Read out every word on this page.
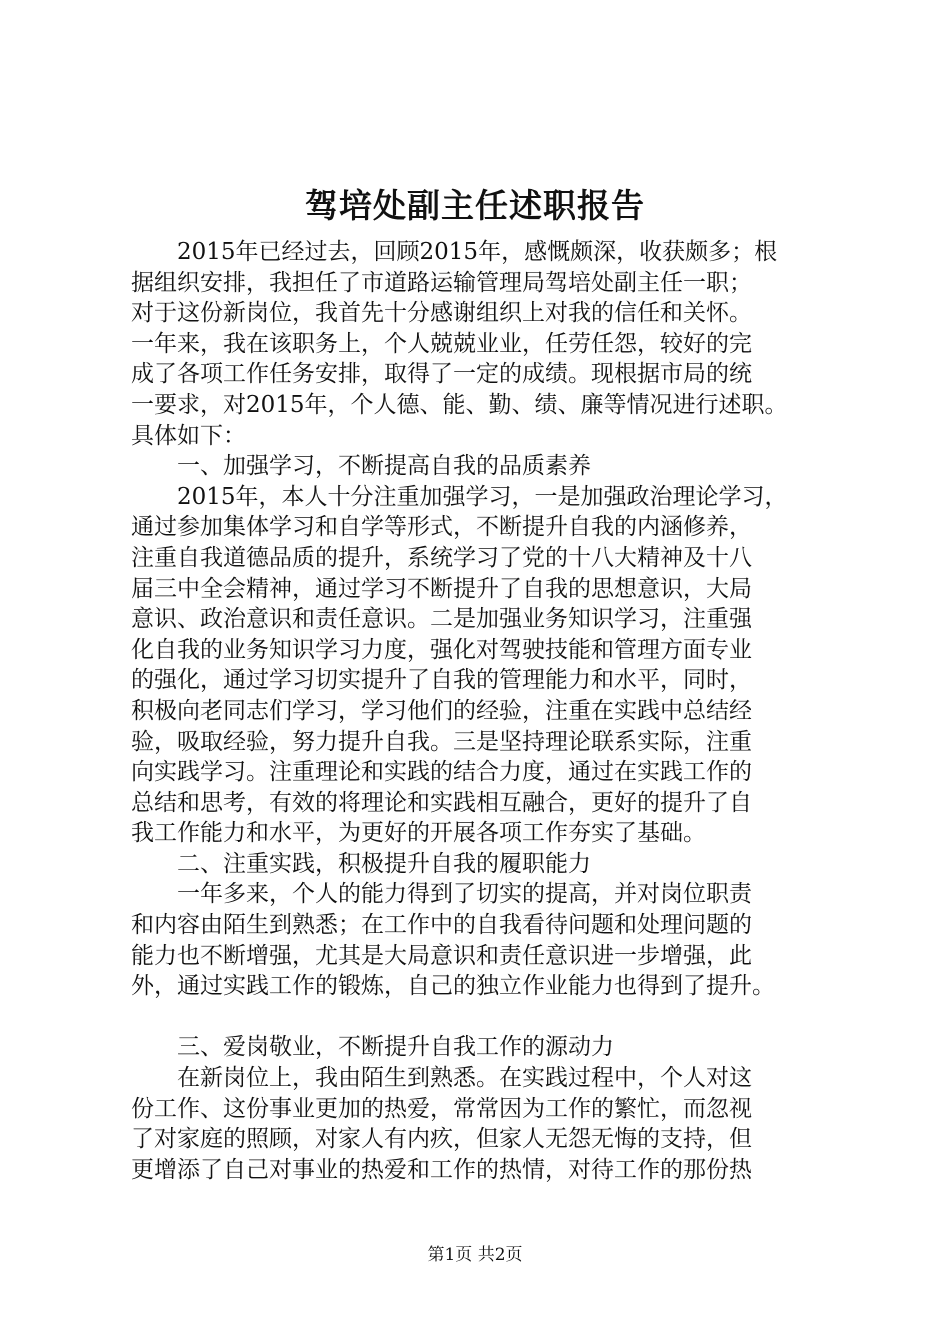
驾培处副主任述职报告
2015年已经过去，回顾2015年，感慨颇深，收获颇多；根
据组织安排，我担任了市道路运输管理局驾培处副主任一职；
对于这份新岗位，我首先十分感谢组织上对我的信任和关怀。
一年来，我在该职务上，个人兢兢业业，任劳任怨，较好的完
成了各项工作任务安排，取得了一定的成绩。现根据市局的统
一要求，对2015年，个人德、能、勤、绩、廉等情况进行述职。
具体如下：
一、加强学习，不断提高自我的品质素养
2015年，本人十分注重加强学习，一是加强政治理论学习，
通过参加集体学习和自学等形式，不断提升自我的内涵修养，
注重自我道德品质的提升，系统学习了党的十八大精神及十八
届三中全会精神，通过学习不断提升了自我的思想意识，大局
意识、政治意识和责任意识。二是加强业务知识学习，注重强
化自我的业务知识学习力度，强化对驾驶技能和管理方面专业
的强化，通过学习切实提升了自我的管理能力和水平，同时，
积极向老同志们学习，学习他们的经验，注重在实践中总结经
验，吸取经验，努力提升自我。三是坚持理论联系实际，注重
向实践学习。注重理论和实践的结合力度，通过在实践工作的
总结和思考，有效的将理论和实践相互融合，更好的提升了自
我工作能力和水平，为更好的开展各项工作夯实了基础。
二、注重实践，积极提升自我的履职能力
一年多来，个人的能力得到了切实的提高，并对岗位职责
和内容由陌生到熟悉；在工作中的自我看待问题和处理问题的
能力也不断增强，尤其是大局意识和责任意识进一步增强，此
外，通过实践工作的锻炼，自己的独立作业能力也得到了提升。
三、爱岗敬业，不断提升自我工作的源动力
在新岗位上，我由陌生到熟悉。在实践过程中，个人对这
份工作、这份事业更加的热爱，常常因为工作的繁忙，而忽视
了对家庭的照顾，对家人有内疚，但家人无怨无悔的支持，但
更增添了自己对事业的热爱和工作的热情，对待工作的那份热
第1页 共2页
